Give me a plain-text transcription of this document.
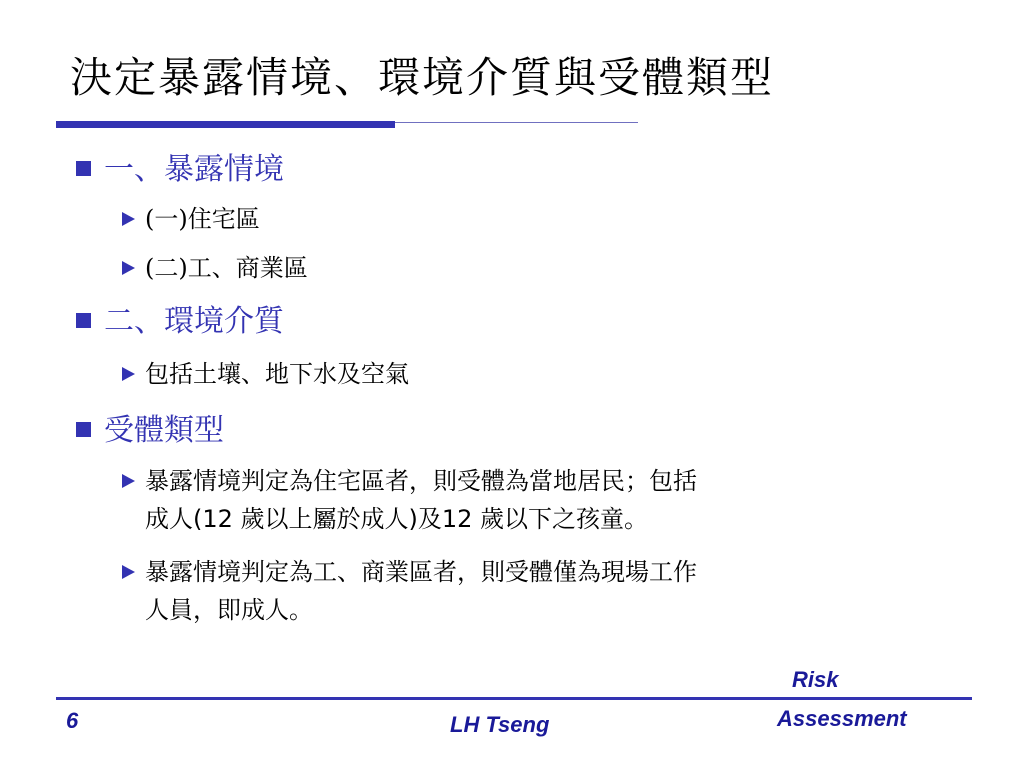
決定暴露情境、環境介質與受體類型
一、暴露情境
(一)住宅區
(二)工、商業區
二、環境介質
包括土壤、地下水及空氣
受體類型
暴露情境判定為住宅區者，則受體為當地居民；包括
成人(12 歲以上屬於成人)及12 歲以下之孩童。
暴露情境判定為工、商業區者，則受體僅為現場工作
人員，即成人。
Risk
6	LH Tseng	Assessment
